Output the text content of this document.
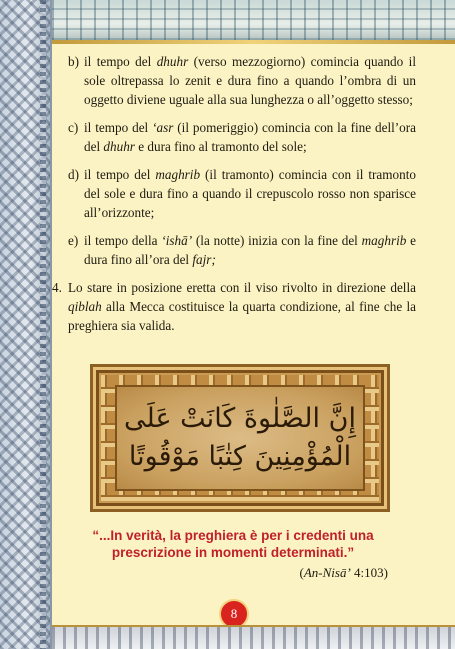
b) il tempo del dhuhr (verso mezzogiorno) comincia quando il sole oltrepassa lo zenit e dura fino a quando l’ombra di un oggetto diviene uguale alla sua lunghezza o all’oggetto stesso;
c) il tempo del ‘asr (il pomeriggio) comincia con la fine dell’ora del dhuhr e dura fino al tramonto del sole;
d) il tempo del maghrib (il tramonto) comincia con il tramonto del sole e dura fino a quando il crepuscolo rosso non sparisce all’orizzonte;
e) il tempo della ‘ishā’ (la notte) inizia con la fine del maghrib e dura fino all’ora del fajr;
4. Lo stare in posizione eretta con il viso rivolto in direzione della qiblah alla Mecca costituisce la quarta condizione, al fine che la preghiera sia valida.
إِنَّ الصَّلٰوةَ كَانَتْ عَلَى
الْمُؤْمِنِينَ كِتٰبًا مَوْقُوتًا
“...In verità, la preghiera è per i credenti una
prescrizione in momenti determinati.”
(An-Nisā’ 4:103)
8
